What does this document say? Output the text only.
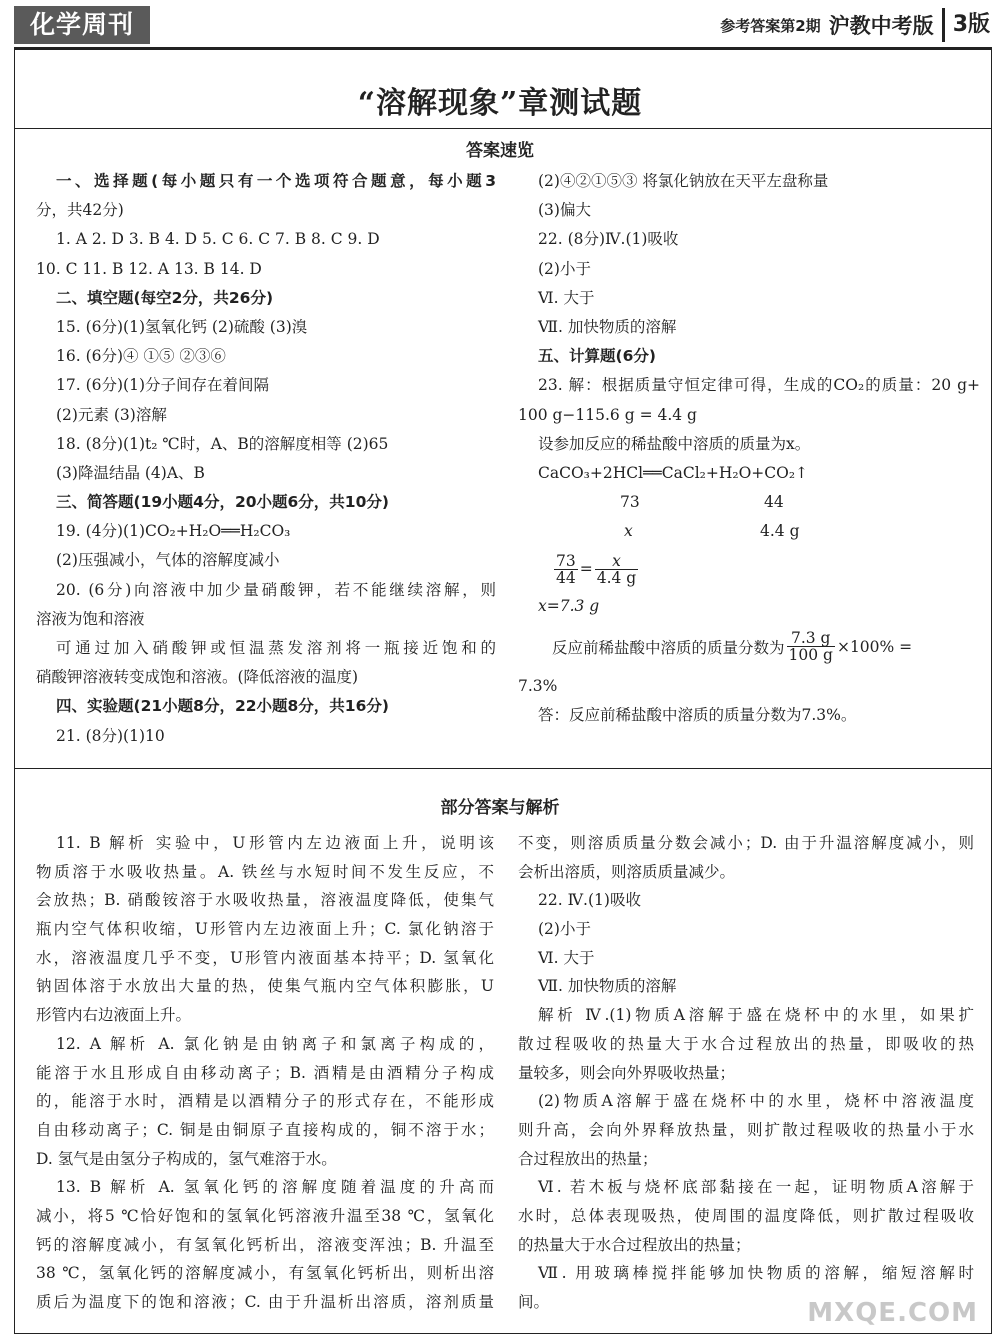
化学周刊	参考答案第2期 沪教中考版 3版
“溶解现象”章测试题
答案速览
一、选择题(每小题只有一个选项符合题意，每小题3
分，共42分)
1. A 2. D 3. B 4. D 5. C 6. C 7. B 8. C 9. D
10. C 11. B 12. A 13. B 14. D
二、填空题(每空2分，共26分)
15. (6分)(1)氢氧化钙 (2)硫酸 (3)溴
16. (6分)④ ①⑤ ②③⑥
17. (6分)(1)分子间存在着间隔
(2)元素 (3)溶解
18. (8分)(1)t₂ ℃时，A、B的溶解度相等 (2)65
(3)降温结晶 (4)A、B
三、简答题(19小题4分，20小题6分，共10分)
19. (4分)(1)CO₂+H₂O══H₂CO₃
(2)压强减小，气体的溶解度减小
20. (6分)向溶液中加少量硝酸钾，若不能继续溶解，则
溶液为饱和溶液
可通过加入硝酸钾或恒温蒸发溶剂将一瓶接近饱和的
硝酸钾溶液转变成饱和溶液。(降低溶液的温度)
四、实验题(21小题8分，22小题8分，共16分)
21. (8分)(1)10
(2)④②①⑤③ 将氯化钠放在天平左盘称量
(3)偏大
22. (8分)Ⅳ.(1)吸收
(2)小于
Ⅵ. 大于
Ⅶ. 加快物质的溶解
五、计算题(6分)
23. 解：根据质量守恒定律可得，生成的CO₂的质量：20 g+
100 g−115.6 g = 4.4 g
设参加反应的稀盐酸中溶质的质量为x。
CaCO₃+2HCl══CaCl₂+H₂O+CO₂↑
73	44
x	4.4 g
$\frac{73}{44} = \frac{x}{4.4 g}$
x=7.3 g
反应前稀盐酸中溶质的质量分数为 $\frac{7.3 g}{100 g} \times 100\%$ =
7.3%
答：反应前稀盐酸中溶质的质量分数为7.3%。
部分答案与解析
11. B 解析 实验中，U形管内左边液面上升，说明该
物质溶于水吸收热量。A. 铁丝与水短时间不发生反应，不
会放热；B. 硝酸铵溶于水吸收热量，溶液温度降低，使集气
瓶内空气体积收缩，U形管内左边液面上升；C. 氯化钠溶于
水，溶液温度几乎不变，U形管内液面基本持平；D. 氢氧化
钠固体溶于水放出大量的热，使集气瓶内空气体积膨胀，U
形管内右边液面上升。
12. A 解析 A. 氯化钠是由钠离子和氯离子构成的，
能溶于水且形成自由移动离子；B. 酒精是由酒精分子构成
的，能溶于水时，酒精是以酒精分子的形式存在，不能形成
自由移动离子；C. 铜是由铜原子直接构成的，铜不溶于水；
D. 氢气是由氢分子构成的，氢气难溶于水。
13. B 解析 A. 氢氧化钙的溶解度随着温度的升高而
减小，将5 ℃恰好饱和的氢氧化钙溶液升温至38 ℃，氢氧化
钙的溶解度减小，有氢氧化钙析出，溶液变浑浊；B. 升温至
38 ℃，氢氧化钙的溶解度减小，有氢氧化钙析出，则析出溶
质后为温度下的饱和溶液；C. 由于升温析出溶质，溶剂质量
不变，则溶质质量分数会减小；D. 由于升温溶解度减小，则
会析出溶质，则溶质质量减少。
22. Ⅳ.(1)吸收
(2)小于
Ⅵ. 大于
Ⅶ. 加快物质的溶解
解析 Ⅳ.(1)物质A溶解于盛在烧杯中的水里，如果扩
散过程吸收的热量大于水合过程放出的热量，即吸收的热
量较多，则会向外界吸收热量；
(2)物质A溶解于盛在烧杯中的水里，烧杯中溶液温度
则升高，会向外界释放热量，则扩散过程吸收的热量小于水
合过程放出的热量；
Ⅵ. 若木板与烧杯底部黏接在一起，证明物质A溶解于
水时，总体表现吸热，使周围的温度降低，则扩散过程吸收
的热量大于水合过程放出的热量；
Ⅶ. 用玻璃棒搅拌能够加快物质的溶解，缩短溶解时
间。	MXQE.COM
